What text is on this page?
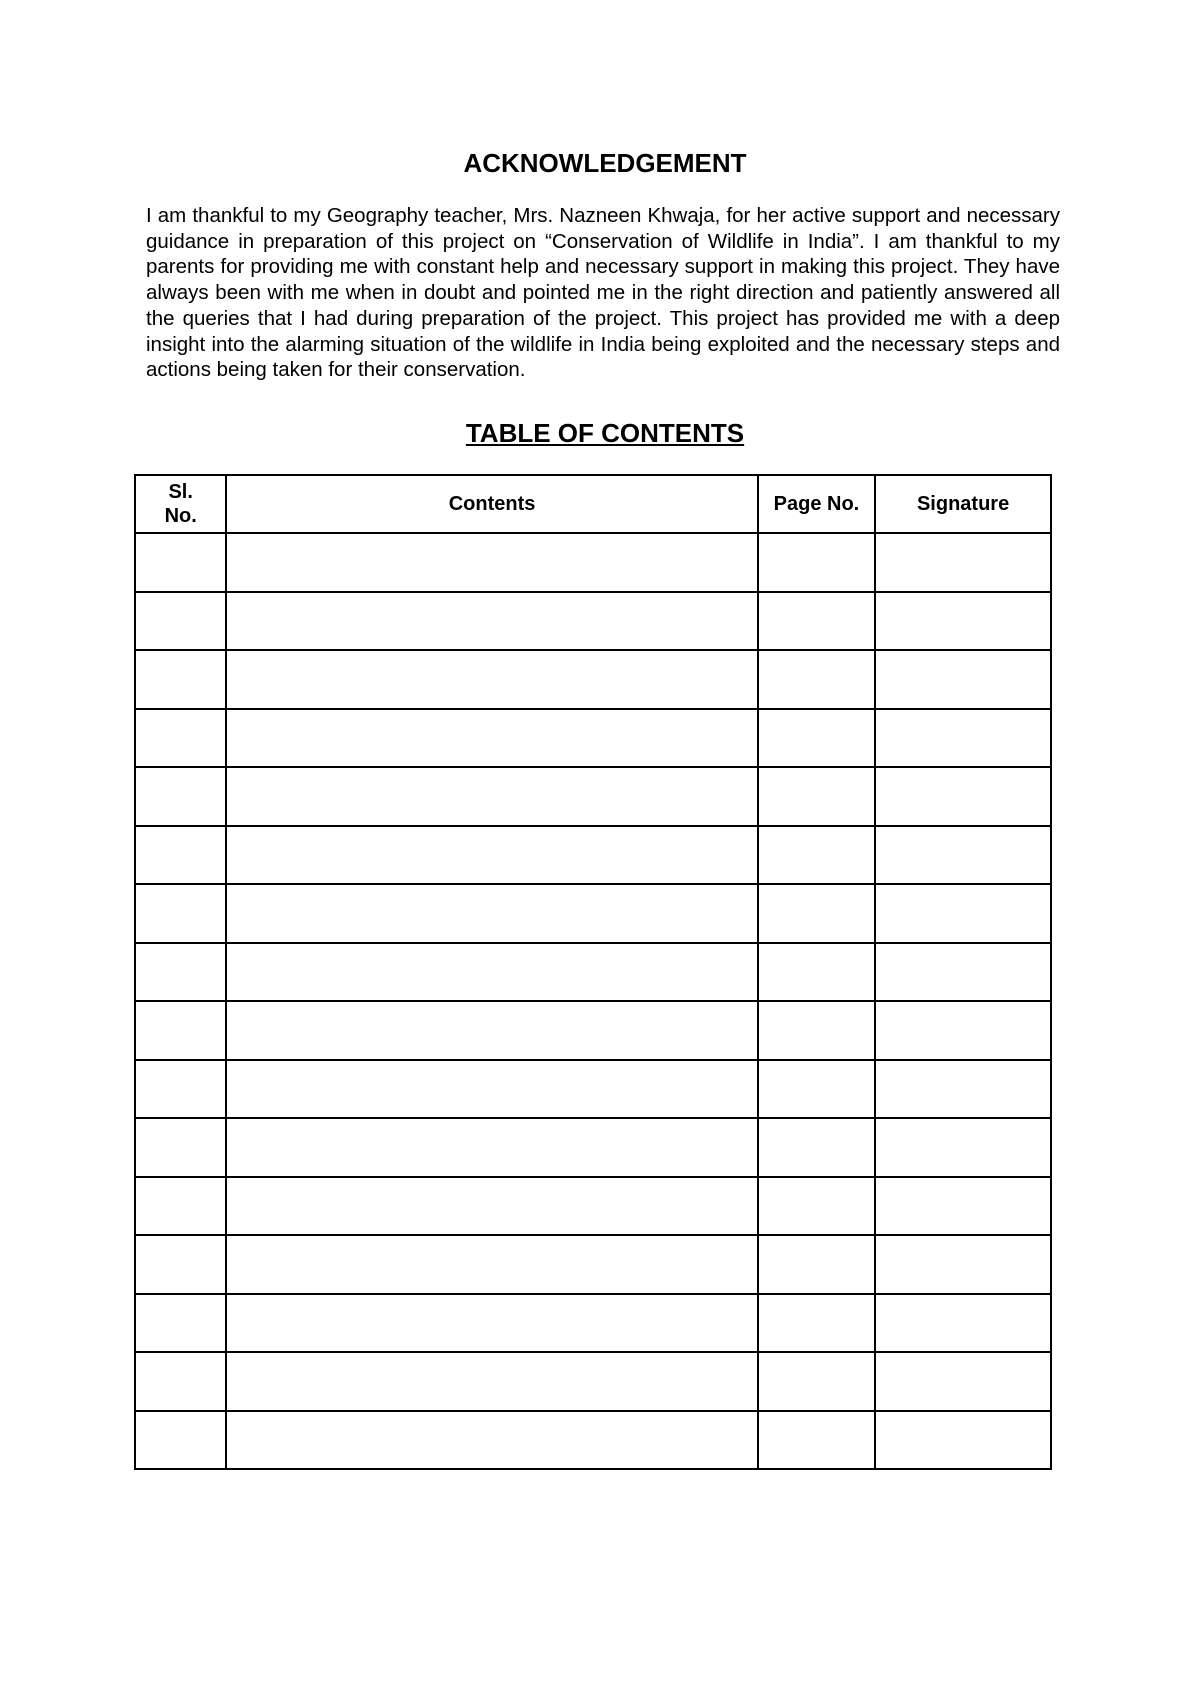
ACKNOWLEDGEMENT

I am thankful to my Geography teacher, Mrs. Nazneen Khwaja, for her active support and necessary guidance in preparation of this project on “Conservation of Wildlife in India”. I am thankful to my parents for providing me with constant help and necessary support in making this project. They have always been with me when in doubt and pointed me in the right direction and patiently answered all the queries that I had during preparation of the project. This project has provided me with a deep insight into the alarming situation of the wildlife in India being exploited and the necessary steps and actions being taken for their conservation.

TABLE OF CONTENTS
Sl.
No.	Contents	Page No.	Signature
